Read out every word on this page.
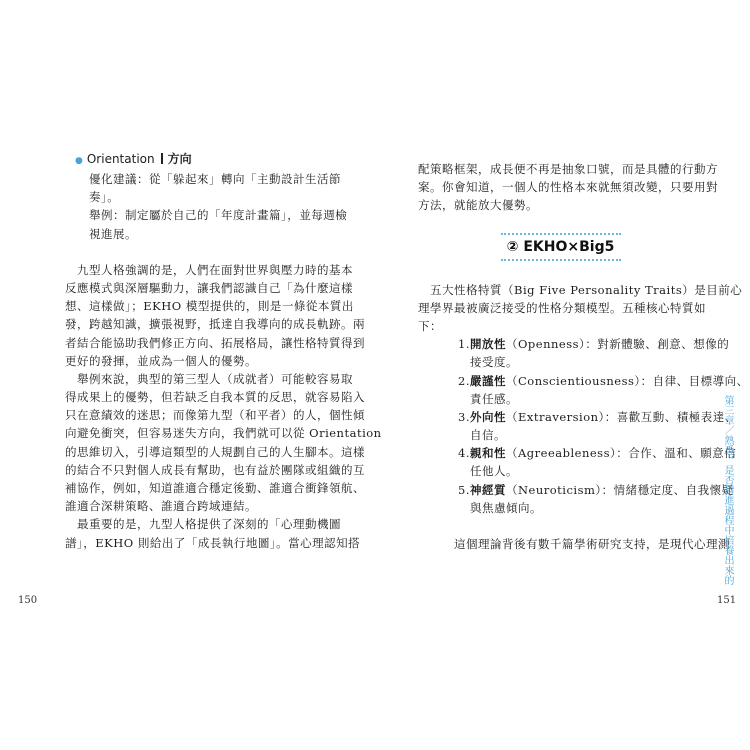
● Orientation 方向
優化建議：從「躲起來」轉向「主動設計生活節
奏」。
舉例：制定屬於自己的「年度計畫篇」，並每週檢
視進展。
九型人格強調的是，人們在面對世界與壓力時的基本
反應模式與深層驅動力，讓我們認識自己「為什麼這樣
想、這樣做」；EKHO 模型提供的，則是一條從本質出
發，跨越知識，擴張視野，抵達自我導向的成長軌跡。兩
者結合能協助我們修正方向、拓展格局，讓性格特質得到
更好的發揮，並成為一個人的優勢。
舉例來說，典型的第三型人（成就者）可能較容易取
得成果上的優勢，但若缺乏自我本質的反思，就容易陷入
只在意績效的迷思；而像第九型（和平者）的人，個性傾
向避免衝突，但容易迷失方向，我們就可以從 Orientation
的思維切入，引導這類型的人規劃自己的人生腳本。這樣
的結合不只對個人成長有幫助，也有益於團隊或組織的互
補協作，例如，知道誰適合穩定後勤、誰適合衝鋒領航、
誰適合深耕策略、誰適合跨域連結。
最重要的是，九型人格提供了深刻的「心理動機圖
譜」，EKHO 則給出了「成長執行地圖」。當心理認知搭
配策略框架，成長便不再是抽象口號，而是具體的行動方
案。你會知道，一個人的性格本來就無須改變，只要用對
方法，就能放大優勢。
② EKHO×Big5
五大性格特質（Big Five Personality Traits）是目前心
理學界最被廣泛接受的性格分類模型。五種核心特質如
下：
1.開放性（Openness）：對新體驗、創意、想像的
接受度。
2.嚴謹性（Conscientiousness）：自律、目標導向、
責任感。
3.外向性（Extraversion）：喜歡互動、積極表達、
自信。
4.親和性（Agreeableness）：合作、溫和、願意信
任他人。
5.神經質（Neuroticism）：情緒穩定度、自我懷疑
與焦慮傾向。
這個理論背後有數千篇學術研究支持，是現代心理測
150	151
第三章／熟悉，是否精進過程中培養出來的
